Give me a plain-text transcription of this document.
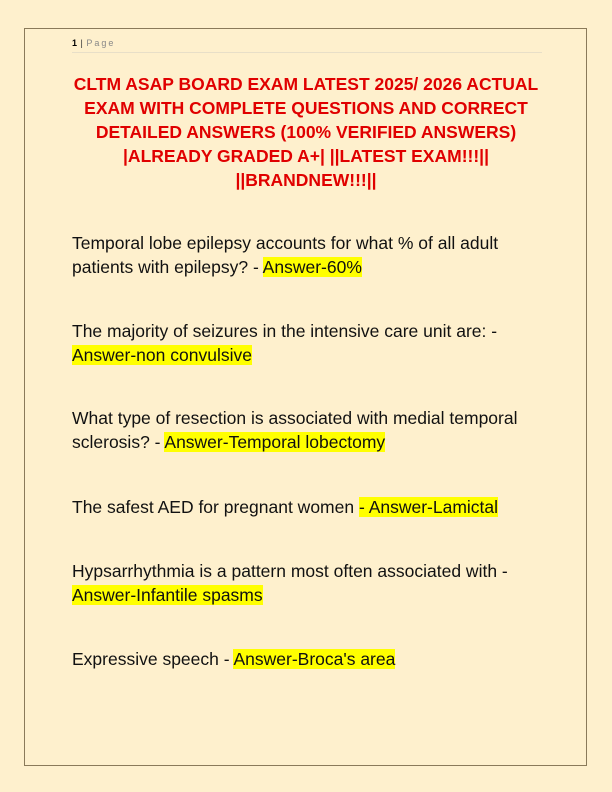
1 | Page
CLTM ASAP BOARD EXAM LATEST 2025/ 2026 ACTUAL EXAM WITH COMPLETE QUESTIONS AND CORRECT DETAILED ANSWERS (100% VERIFIED ANSWERS) |ALREADY GRADED A+| ||LATEST EXAM!!!|| ||BRANDNEW!!!||
Temporal lobe epilepsy accounts for what % of all adult patients with epilepsy? - Answer-60%
The majority of seizures in the intensive care unit are: - Answer-non convulsive
What type of resection is associated with medial temporal sclerosis? - Answer-Temporal lobectomy
The safest AED for pregnant women - Answer-Lamictal
Hypsarrhythmia is a pattern most often associated with - Answer-Infantile spasms
Expressive speech - Answer-Broca's area
